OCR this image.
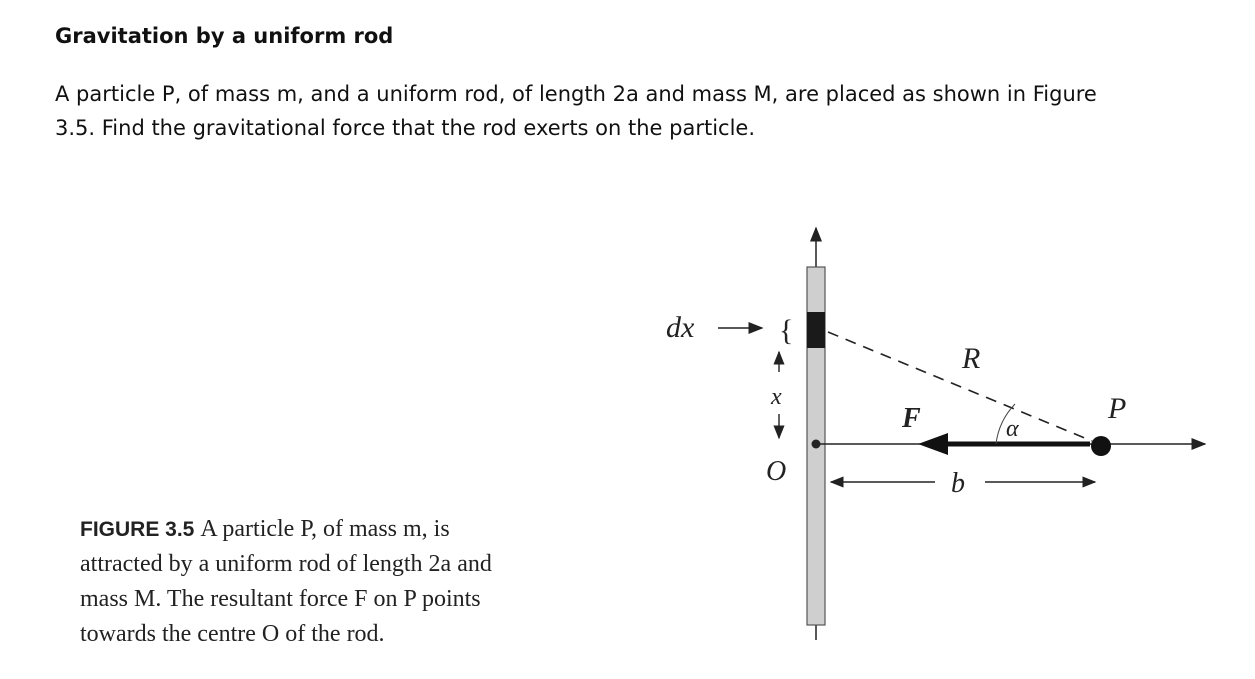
Gravitation by a uniform rod
A particle P, of mass m, and a uniform rod, of length 2a and mass M, are placed as shown in Figure
3.5. Find the gravitational force that the rod exerts on the particle.
dx	{
x
O
F
R
α
P
b
FIGURE 3.5 A particle P, of mass m, is
attracted by a uniform rod of length 2a and
mass M. The resultant force F on P points
towards the centre O of the rod.
